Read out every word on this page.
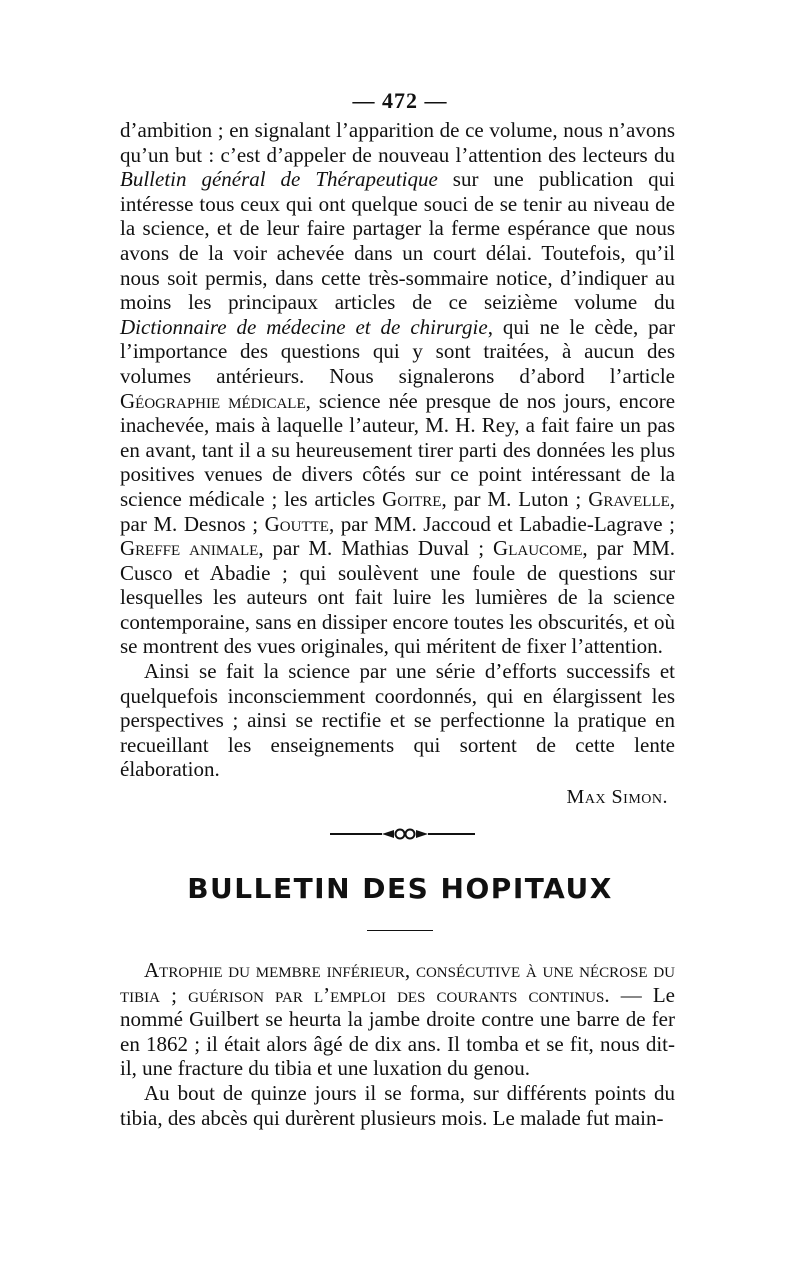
— 472 —

d’ambition ; en signalant l’apparition de ce volume, nous n’avons qu’un but : c’est d’appeler de nouveau l’attention des lecteurs du Bulletin général de Thérapeutique sur une publication qui intéresse tous ceux qui ont quelque souci de se tenir au niveau de la science, et de leur faire partager la ferme espérance que nous avons de la voir achevée dans un court délai. Toutefois, qu’il nous soit permis, dans cette très-sommaire notice, d’indiquer au moins les principaux articles de ce seizième volume du Dictionnaire de médecine et de chirurgie, qui ne le cède, par l’importance des questions qui y sont traitées, à aucun des volumes antérieurs. Nous signalerons d’abord l’article Géographie médicale, science née presque de nos jours, encore inachevée, mais à laquelle l’auteur, M. H. Rey, a fait faire un pas en avant, tant il a su heureusement tirer parti des données les plus positives venues de divers côtés sur ce point intéressant de la science médicale ; les articles Goitre, par M. Luton ; Gravelle, par M. Desnos ; Goutte, par MM. Jaccoud et Labadie-Lagrave ; Greffe animale, par M. Mathias Duval ; Glaucome, par MM. Cusco et Abadie ; qui soulèvent une foule de questions sur lesquelles les auteurs ont fait luire les lumières de la science contemporaine, sans en dissiper encore toutes les obscurités, et où se montrent des vues originales, qui méritent de fixer l’attention.

Ainsi se fait la science par une série d’efforts successifs et quelquefois inconsciemment coordonnés, qui en élargissent les perspectives ; ainsi se rectifie et se perfectionne la pratique en recueillant les enseignements qui sortent de cette lente élaboration.

Max Simon.
BULLETIN DES HOPITAUX

Atrophie du membre inférieur, consécutive à une nécrose du tibia ; guérison par l’emploi des courants continus. — Le nommé Guilbert se heurta la jambe droite contre une barre de fer en 1862 ; il était alors âgé de dix ans. Il tomba et se fit, nous dit-il, une fracture du tibia et une luxation du genou.

Au bout de quinze jours il se forma, sur différents points du tibia, des abcès qui durèrent plusieurs mois. Le malade fut main-
